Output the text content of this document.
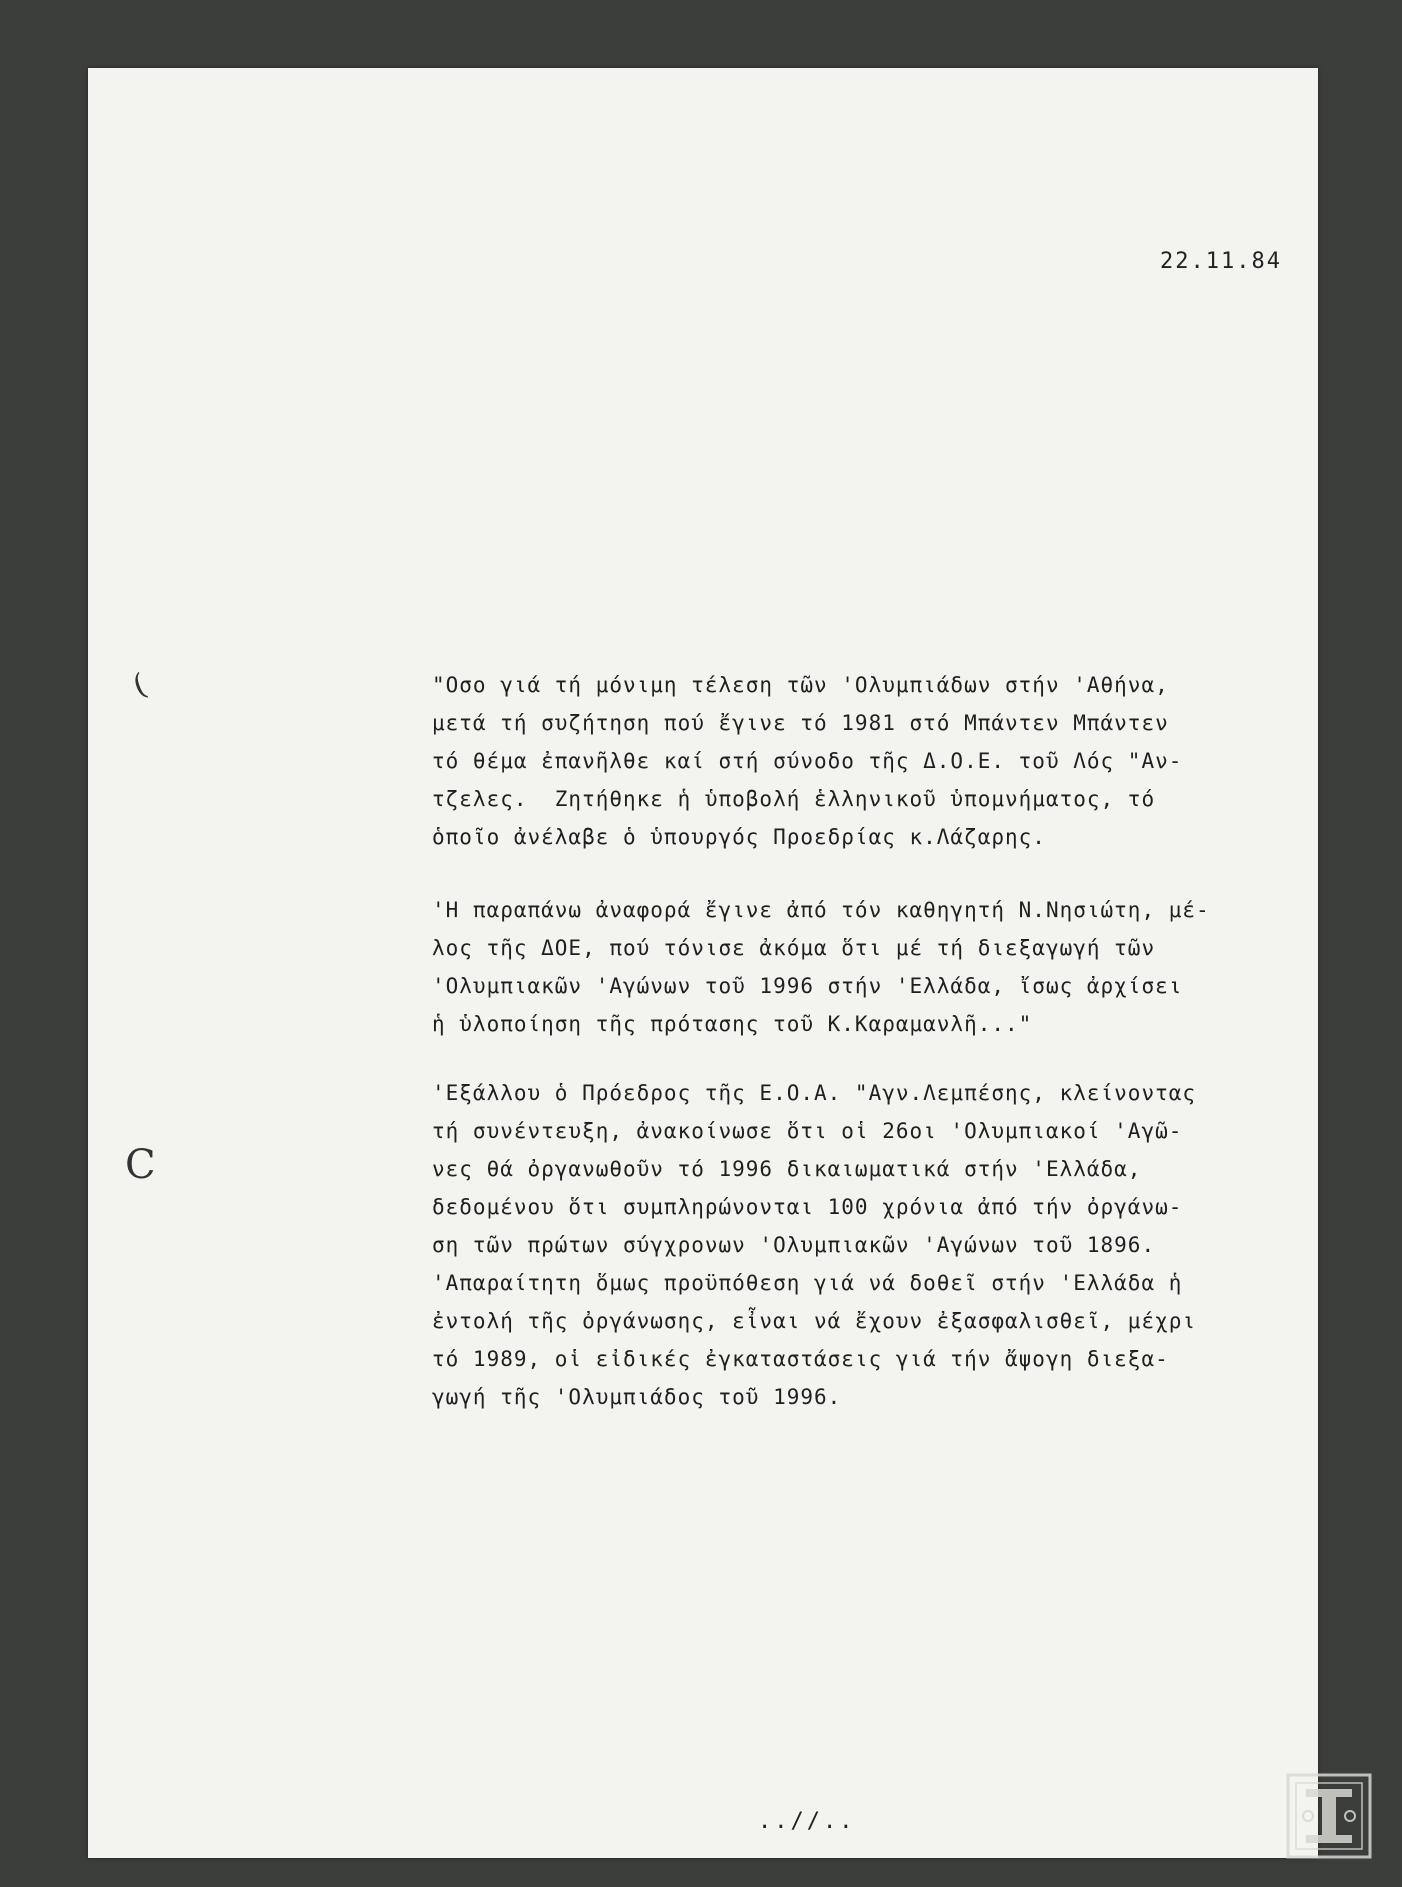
22.11.84
"Οσο γιά τή μόνιμη τέλεση τῶν 'Ολυμπιάδων στήν 'Αθήνα,
μετά τή συζήτηση πού ἔγινε τό 1981 στό Μπάντεν Μπάντεν
τό θέμα ἐπανῆλθε καί στή σύνοδο τῆς Δ.Ο.Ε. τοῦ Λός "Αν-
τζελες.  Ζητήθηκε ἡ ὑποβολή ἑλληνικοῦ ὑπομνήματος, τό
ὁποῖο ἀνέλαβε ὁ ὑπουργός Προεδρίας κ.Λάζαρης.
'Η παραπάνω ἀναφορά ἔγινε ἀπό τόν καθηγητή Ν.Νησιώτη, μέ-
λος τῆς ΔΟΕ, πού τόνισε ἀκόμα ὅτι μέ τή διεξαγωγή τῶν
'Ολυμπιακῶν 'Αγώνων τοῦ 1996 στήν 'Ελλάδα, ἴσως ἀρχίσει
ἡ ὑλοποίηση τῆς πρότασης τοῦ Κ.Καραμανλῆ..."
'Εξάλλου ὁ Πρόεδρος τῆς Ε.Ο.Α. "Αγν.Λεμπέσης, κλείνοντας
τή συνέντευξη, ἀνακοίνωσε ὅτι οἱ 26οι 'Ολυμπιακοί 'Αγῶ-
νες θά ὀργανωθοῦν τό 1996 δικαιωματικά στήν 'Ελλάδα,
δεδομένου ὅτι συμπληρώνονται 100 χρόνια ἀπό τήν ὀργάνω-
ση τῶν πρώτων σύγχρονων 'Ολυμπιακῶν 'Αγώνων τοῦ 1896.
'Απαραίτητη ὅμως προϋπόθεση γιά νά δοθεῖ στήν 'Ελλάδα ἡ
ἐντολή τῆς ὀργάνωσης, εἶναι νά ἔχουν ἐξασφαλισθεῖ, μέχρι
τό 1989, οἱ εἰδικές ἐγκαταστάσεις γιά τήν ἄψογη διεξα-
γωγή τῆς 'Ολυμπιάδος τοῦ 1996.
..//..
(
C
